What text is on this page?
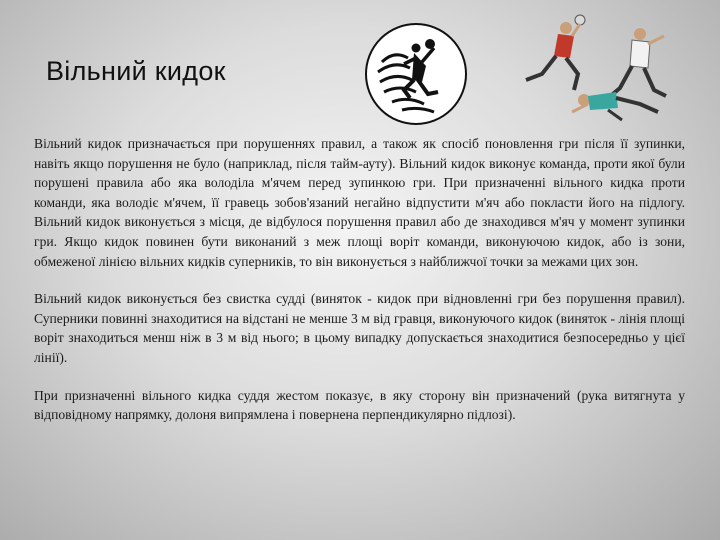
Вільний кидок

Вільний кидок призначається при порушеннях правил, а також як спосіб поновлення гри після її зупинки, навіть якщо порушення не було (наприклад, після тайм-ауту). Вільний кидок виконує команда, проти якої були порушені правила або яка володіла м'ячем перед зупинкою гри. При призначенні вільного кидка проти команди, яка володіє м'ячем, її гравець зобов'язаний негайно відпустити м'яч або покласти його на підлогу. Вільний кидок виконується з місця, де відбулося порушення правил або де знаходився м'яч у момент зупинки гри. Якщо кидок повинен бути виконаний з меж площі воріт команди, виконуючою кидок, або із зони, обмеженої лінією вільних кидків суперників, то він виконується з найближчої точки за межами цих зон.

Вільний кидок виконується без свистка судді (виняток - кидок при відновленні гри без порушення правил). Суперники повинні знаходитися на відстані не менше 3 м від гравця, виконуючого кидок (виняток - лінія площі воріт знаходиться менш ніж в 3 м від нього; в цьому випадку допускається знаходитися безпосередньо у цієї лінії).

При призначенні вільного кидка суддя жестом показує, в яку сторону він призначений (рука витягнута у відповідному напрямку, долоня випрямлена і повернена перпендикулярно підлозі).
